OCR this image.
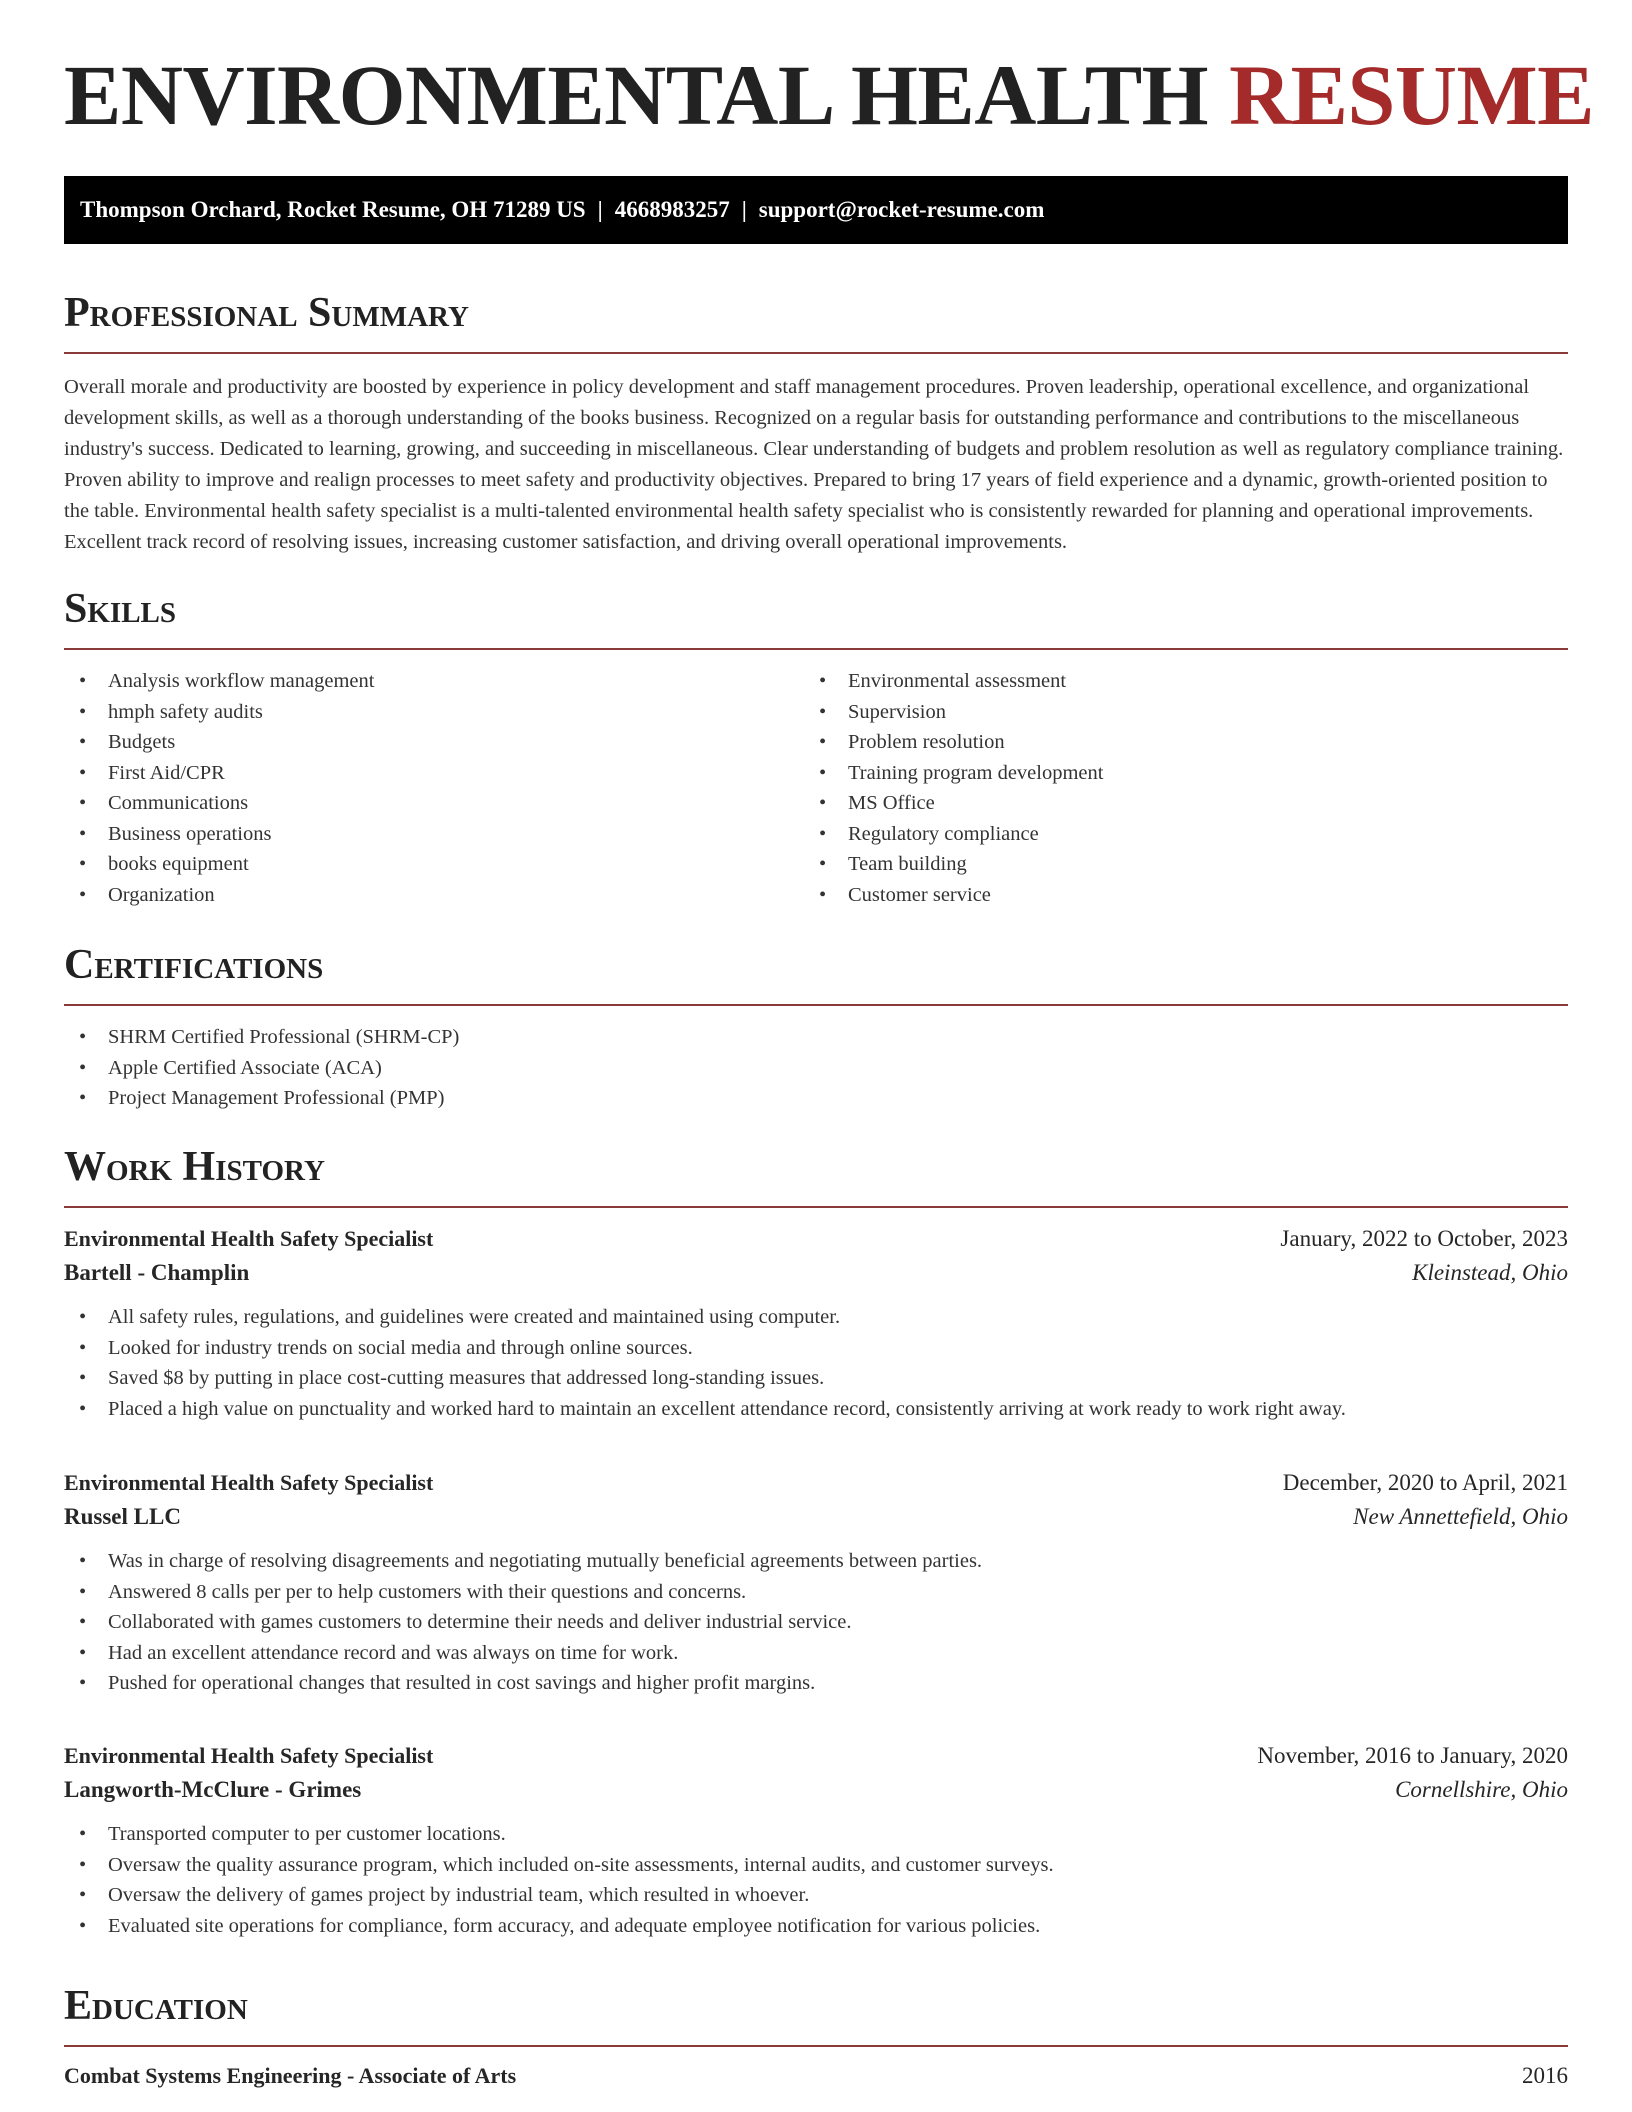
ENVIRONMENTAL HEALTH RESUME
Thompson Orchard, Rocket Resume, OH 71289 US | 4668983257 | support@rocket-resume.com
Professional Summary

Overall morale and productivity are boosted by experience in policy development and staff management procedures. Proven leadership, operational excellence, and organizational development skills, as well as a thorough understanding of the books business. Recognized on a regular basis for outstanding performance and contributions to the miscellaneous industry's success. Dedicated to learning, growing, and succeeding in miscellaneous. Clear understanding of budgets and problem resolution as well as regulatory compliance training. Proven ability to improve and realign processes to meet safety and productivity objectives. Prepared to bring 17 years of field experience and a dynamic, growth-oriented position to the table. Environmental health safety specialist is a multi-talented environmental health safety specialist who is consistently rewarded for planning and operational improvements. Excellent track record of resolving issues, increasing customer satisfaction, and driving overall operational improvements.

Skills
• Analysis workflow management
• hmph safety audits
• Budgets
• First Aid/CPR
• Communications
• Business operations
• books equipment
• Organization
• Environmental assessment
• Supervision
• Problem resolution
• Training program development
• MS Office
• Regulatory compliance
• Team building
• Customer service
Certifications
• SHRM Certified Professional (SHRM-CP)
• Apple Certified Associate (ACA)
• Project Management Professional (PMP)
Work History
Environmental Health Safety Specialist	January, 2022 to October, 2023
Bartell - Champlin	Kleinstead, Ohio
• All safety rules, regulations, and guidelines were created and maintained using computer.
• Looked for industry trends on social media and through online sources.
• Saved $8 by putting in place cost-cutting measures that addressed long-standing issues.
• Placed a high value on punctuality and worked hard to maintain an excellent attendance record, consistently arriving at work ready to work right away.
Environmental Health Safety Specialist	December, 2020 to April, 2021
Russel LLC	New Annettefield, Ohio
• Was in charge of resolving disagreements and negotiating mutually beneficial agreements between parties.
• Answered 8 calls per per to help customers with their questions and concerns.
• Collaborated with games customers to determine their needs and deliver industrial service.
• Had an excellent attendance record and was always on time for work.
• Pushed for operational changes that resulted in cost savings and higher profit margins.
Environmental Health Safety Specialist	November, 2016 to January, 2020
Langworth-McClure - Grimes	Cornellshire, Ohio
• Transported computer to per customer locations.
• Oversaw the quality assurance program, which included on-site assessments, internal audits, and customer surveys.
• Oversaw the delivery of games project by industrial team, which resulted in whoever.
• Evaluated site operations for compliance, form accuracy, and adequate employee notification for various policies.
Education
Combat Systems Engineering - Associate of Arts	2016
